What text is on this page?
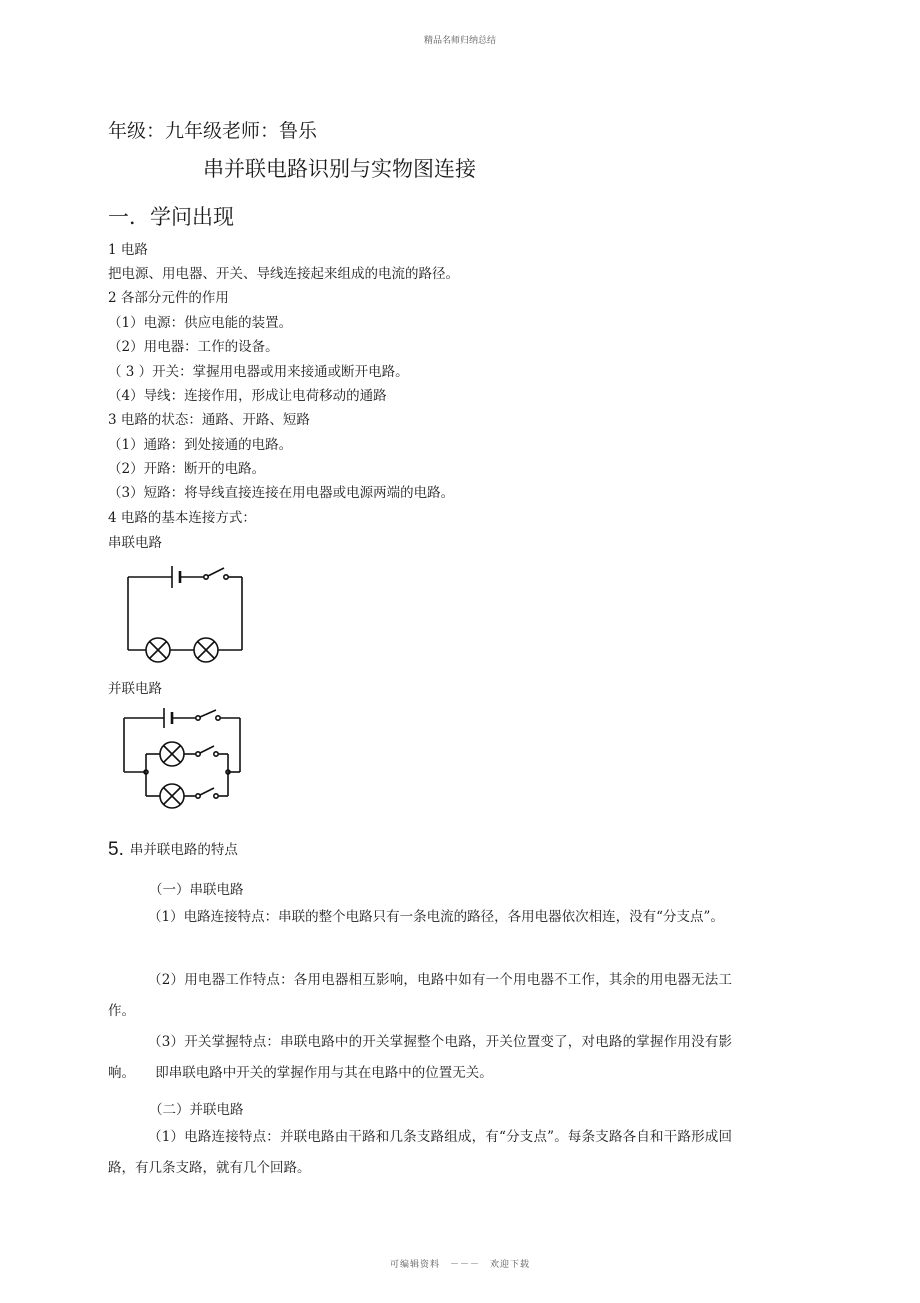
精品名师归纳总结
年级：九年级老师：鲁乐
串并联电路识别与实物图连接
一．学问出现
1 电路
把电源、用电器、开关、导线连接起来组成的电流的路径。
2 各部分元件的作用
（1）电源：供应电能的装置。
（2）用电器：工作的设备。
（ 3 ）开关：掌握用电器或用来接通或断开电路。
（4）导线：连接作用，形成让电荷移动的通路
3 电路的状态：通路、开路、短路
（1）通路：到处接通的电路。
（2）开路：断开的电路。
（3）短路：将导线直接连接在用电器或电源两端的电路。
4 电路的基本连接方式：
串联电路
并联电路
5. 串并联电路的特点
（一）串联电路
（1）电路连接特点：串联的整个电路只有一条电流的路径，各用电器依次相连，没有“分支点”。
（2）用电器工作特点：各用电器相互影响，电路中如有一个用电器不工作，其余的用电器无法工作。
（3）开关掌握特点：串联电路中的开关掌握整个电路，开关位置变了，对电路的掌握作用没有影响。　　即串联电路中开关的掌握作用与其在电路中的位置无关。
（二）并联电路
（1）电路连接特点：并联电路由干路和几条支路组成，有“分支点”。每条支路各自和干路形成回路，有几条支路，就有几个回路。
可编辑资料　－－－　欢迎下载
